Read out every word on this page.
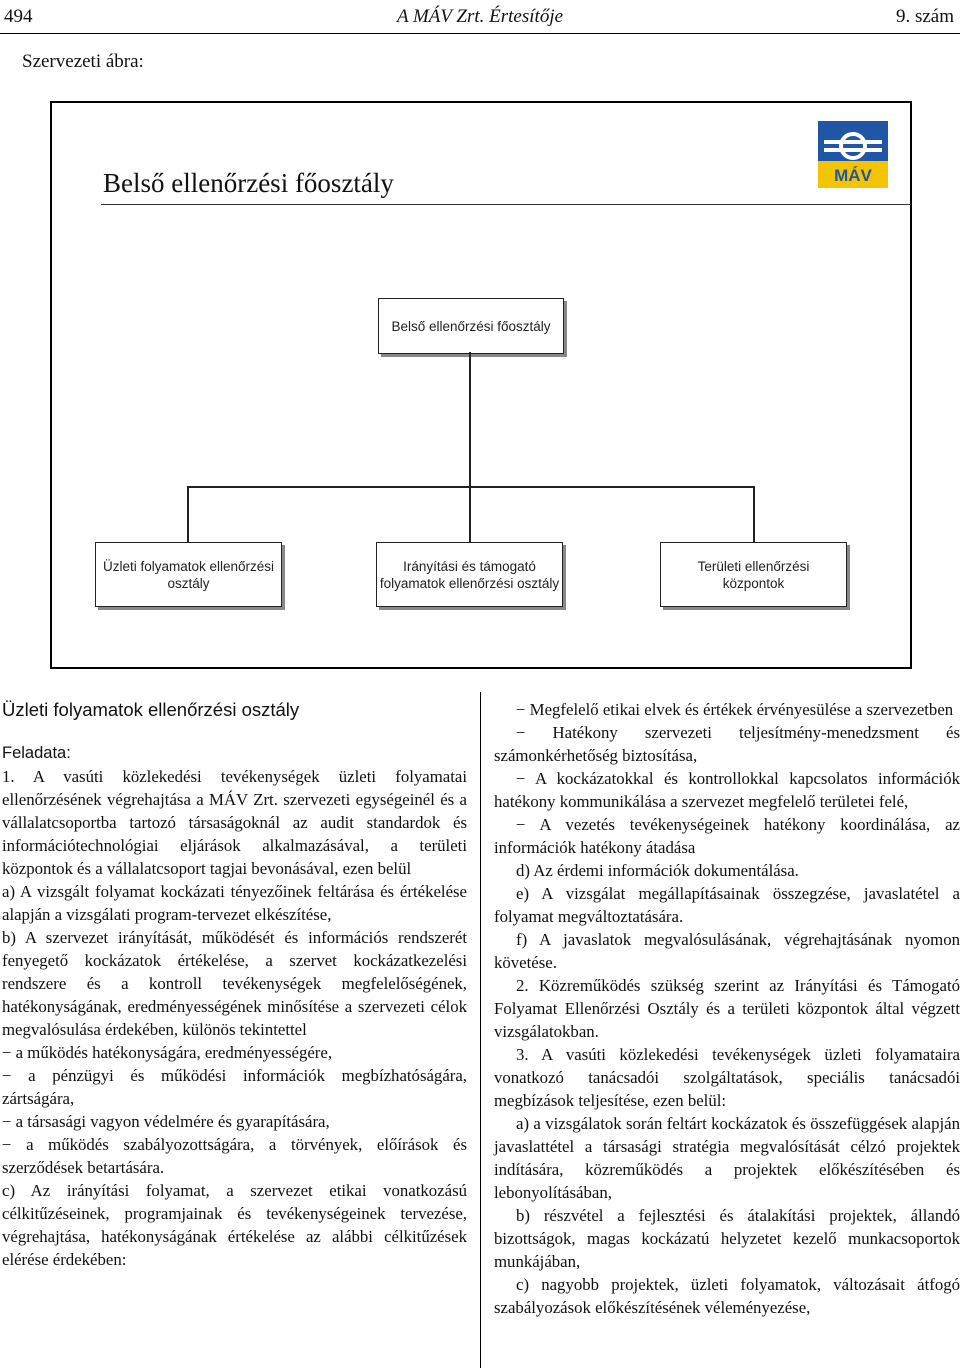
494	A MÁV Zrt. Értesítője	9. szám
Szervezeti ábra:
Belső ellenőrzési főosztály	MÁV
Belső ellenőrzési főosztály
Üzleti folyamatok ellenőrzési
osztály
Irányítási és támogató
folyamatok ellenőrzési osztály
Területi ellenőrzési
központok

Üzleti folyamatok ellenőrzési osztály

Feladata:

1. A vasúti közlekedési tevékenységek üzleti folyamatai ellenőrzésének végrehajtása a MÁV Zrt. szervezeti egységeinél és a vállalatcsoportba tartozó társaságoknál az audit standardok és információtechnológiai eljárások alkalmazásával, a területi központok és a vállalatcsoport tagjai bevonásával, ezen belül

a) A vizsgált folyamat kockázati tényezőinek feltárása és értékelése alapján a vizsgálati program-tervezet elkészítése,

b) A szervezet irányítását, működését és információs rendszerét fenyegető kockázatok értékelése, a szervet kockázatkezelési rendszere és a kontroll tevékenységek megfelelőségének, hatékonyságának, eredményességének minősítése a szervezeti célok megvalósulása érdekében, különös tekintettel

− a működés hatékonyságára, eredményességére,

− a pénzügyi és működési információk megbízhatóságára, zártságára,

− a társasági vagyon védelmére és gyarapítására,

− a működés szabályozottságára, a törvények, előírások és szerződések betartására.

c) Az irányítási folyamat, a szervezet etikai vonatkozású célkitűzéseinek, programjainak és tevékenységeinek tervezése, végrehajtása, hatékonyságának értékelése az alábbi célkitűzések elérése érdekében:

− Megfelelő etikai elvek és értékek érvényesülése a szervezetben

− Hatékony szervezeti teljesítmény-menedzsment és számonkérhetőség biztosítása,

− A kockázatokkal és kontrollokkal kapcsolatos információk hatékony kommunikálása a szervezet megfelelő területei felé,

− A vezetés tevékenységeinek hatékony koordinálása, az információk hatékony átadása

d) Az érdemi információk dokumentálása.

e) A vizsgálat megállapításainak összegzése, javaslatétel a folyamat megváltoztatására.

f) A javaslatok megvalósulásának, végrehajtásának nyomon követése.

2. Közreműködés szükség szerint az Irányítási és Támogató Folyamat Ellenőrzési Osztály és a területi központok által végzett vizsgálatokban.

3. A vasúti közlekedési tevékenységek üzleti folyamataira vonatkozó tanácsadói szolgáltatások, speciális tanácsadói megbízások teljesítése, ezen belül:

a) a vizsgálatok során feltárt kockázatok és összefüggések alapján javaslattétel a társasági stratégia megvalósítását célzó projektek indítására, közreműködés a projektek előkészítésében és lebonyolításában,

b) részvétel a fejlesztési és átalakítási projektek, állandó bizottságok, magas kockázatú helyzetet kezelő munkacsoportok munkájában,

c) nagyobb projektek, üzleti folyamatok, változásait átfogó szabályozások előkészítésének véleményezése,
